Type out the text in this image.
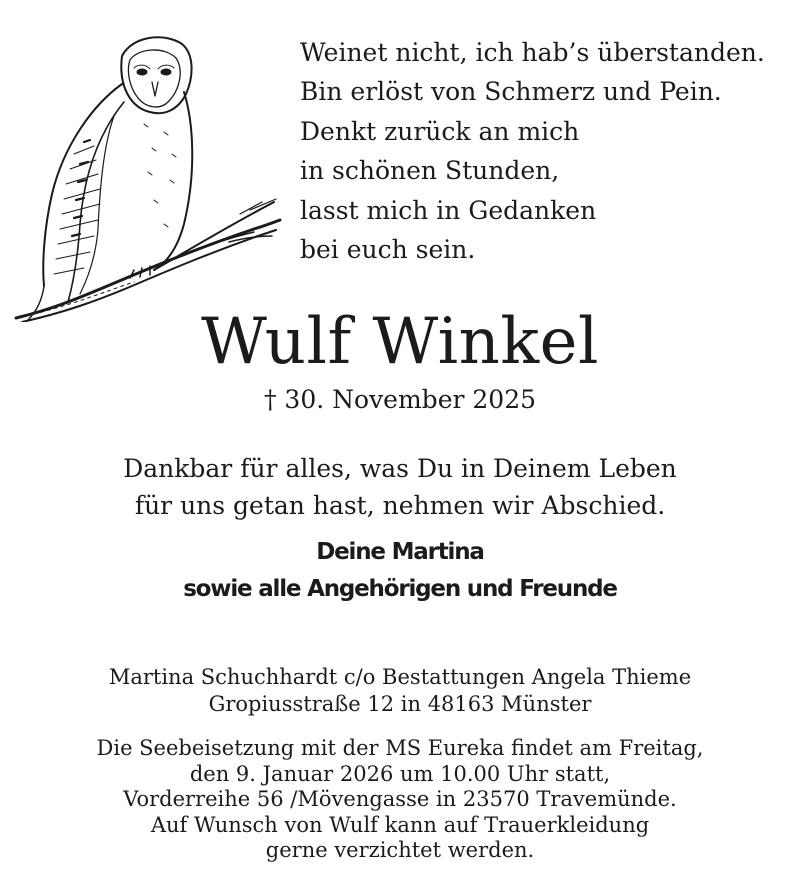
Weinet nicht, ich hab’s überstanden.
Bin erlöst von Schmerz und Pein.
Denkt zurück an mich
in schönen Stunden,
lasst mich in Gedanken
bei euch sein.
Wulf Winkel
† 30. November 2025
Dankbar für alles, was Du in Deinem Leben
für uns getan hast, nehmen wir Abschied.
Deine Martina
sowie alle Angehörigen und Freunde
Martina Schuchhardt c/o Bestattungen Angela Thieme
Gropiusstraße 12 in 48163 Münster
Die Seebeisetzung mit der MS Eureka findet am Freitag,
den 9. Januar 2026 um 10.00 Uhr statt,
Vorderreihe 56 /Mövengasse in 23570 Travemünde.
Auf Wunsch von Wulf kann auf Trauerkleidung
gerne verzichtet werden.
